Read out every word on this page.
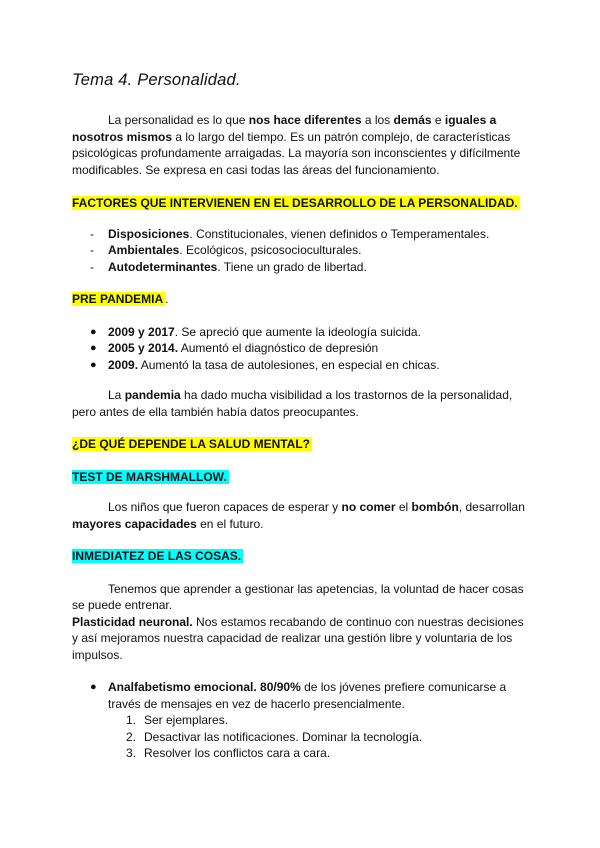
Tema 4. Personalidad.

La personalidad es lo que nos hace diferentes a los demás e iguales a nosotros mismos a lo largo del tiempo. Es un patrón complejo, de características psicológicas profundamente arraigadas. La mayoría son inconscientes y difícilmente modificables. Se expresa en casi todas las áreas del funcionamiento.

FACTORES QUE INTERVIENEN EN EL DESARROLLO DE LA PERSONALIDAD.

- Disposiciones. Constitucionales, vienen definidos o Temperamentales.
- Ambientales. Ecológicos, psicosocioculturales.
- Autodeterminantes. Tiene un grado de libertad.

PRE PANDEMIA .

● 2009 y 2017. Se apreció que aumente la ideología suicida.
● 2005 y 2014. Aumentó el diagnóstico de depresión
● 2009. Aumentó la tasa de autolesiones, en especial en chicas.

La pandemia ha dado mucha visibilidad a los trastornos de la personalidad, pero antes de ella también había datos preocupantes.

¿DE QUÉ DEPENDE LA SALUD MENTAL?

TEST DE MARSHMALLOW.

Los niños que fueron capaces de esperar y no comer el bombón, desarrollan mayores capacidades en el futuro.

INMEDIATEZ DE LAS COSAS.

Tenemos que aprender a gestionar las apetencias, la voluntad de hacer cosas se puede entrenar.

Plasticidad neuronal. Nos estamos recabando de continuo con nuestras decisiones y así mejoramos nuestra capacidad de realizar una gestión libre y voluntaria de los impulsos.

● Analfabetismo emocional. 80/90% de los jóvenes prefiere comunicarse a través de mensajes en vez de hacerlo presencialmente.
1. Ser ejemplares.
2. Desactivar las notificaciones. Dominar la tecnología.
3. Resolver los conflictos cara a cara.
